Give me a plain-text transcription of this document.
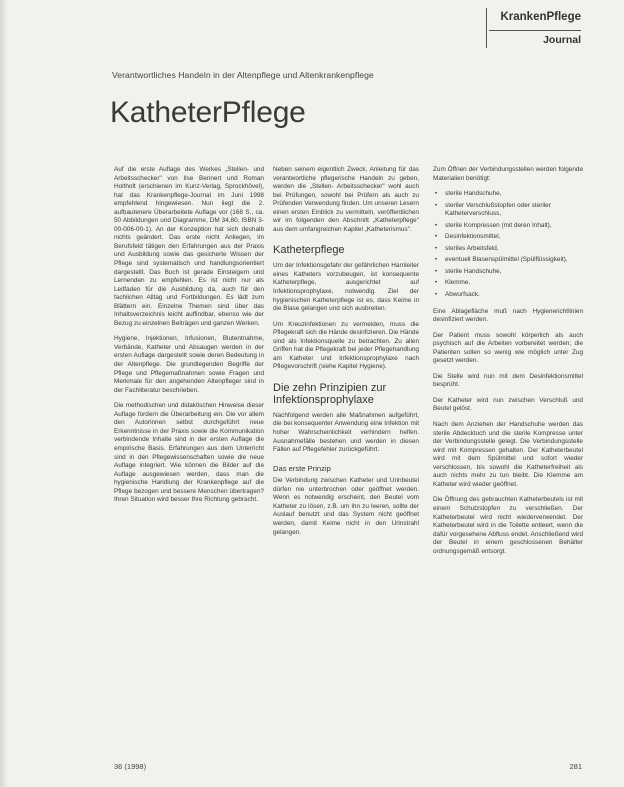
KrankenPflege
Journal
Verantwortliches Handeln in der Altenpflege und Altenkrankenpflege
KatheterPflege

Auf die erste Auflage des Werkes „Stellen- und Arbeitsschecker" von Ilse Bennert und Roman Holtholt (erschienen im Kunz-Verlag, Sprockhövel), hat das Krankenpflege-Journal im Juni 1998 empfehlend hingewiesen. Nun liegt die 2. aufbautenere Überarbeitete Auflage vor (168 S., ca. 50 Abbildungen und Diagramme, DM 34,80, ISBN 3-00-006-00-1). An der Konzeption hat sich deshalb nichts geändert. Das erste nicht Anliegen, im Berufsfeld tätigen den Erfahrungen aus der Praxis und Ausbildung sowie das gesicherte Wissen der Pflege sind systematisch und handlungsorientiert dargestellt. Das Buch ist gerade Einsteigern und Lernenden zu empfehlen. Es ist nicht nur als Leitfaden für die Ausbildung da, auch für den fachlichen Alltag und Fortbildungen. Es lädt zum Blättern ein. Einzelne Themen sind über das Inhaltsverzeichnis leicht auffindbar, ebenso wie der Bezug zu einzelnen Beiträgen und ganzen Werken.

Hygiene, Injektionen, Infusionen, Blutentnahme, Verbände, Katheter und Absaugen werden in der ersten Auflage dargestellt sowie deren Bedeutung in der Altenpflege. Die grundlegenden Begriffe der Pflege und Pflegemaßnahmen sowie Fragen und Merkmale für den angehenden Altenpfleger sind in der Fachliteratur beschrieben.

Die methodischen und didaktischen Hinweise dieser Auflage fordern die Überarbeitung ein. Die vor allem den Autorinnen selbst durchgeführt neue Erkenntnisse in der Praxis sowie die Kommunikation verbindende Inhalte sind in der ersten Auflage die empirische Basis. Erfahrungen aus dem Unterricht sind in den Pflegewissenschaften sowie die neue Auflage integriert. Wie können die Bilder auf die Auflage ausgewiesen werden, dass man die hygienische Handlung der Krankenpflege auf die Pflege bezogen und bessere Menschen übertragen? Ihren Situation wird besser Ihre Richtung gebracht.

Neben seinem eigentlich Zweck, Anleitung für das verantwortliche pflegerische Handeln zu geben, werden die „Stellen- Arbeitsschecker" wohl auch bei Prüfungen, sowohl bei Prüfern als auch zu Prüfenden Verwendung finden. Um unseren Lesern einen ersten Einblick zu vermitteln, veröffentlichen wir im folgenden den Abschnitt „Katheterpflege" aus dem umfangreichen Kapitel „Katheterismus".

Katheterpflege

Um der Infektionsgefahr der gefährlichen Harnleiter eines Katheters vorzubeugen, ist konsequente Katheterpflege, ausgerichtet auf Infektionsprophylaxe, notwendig. Ziel der hygienischen Katheterpflege ist es, dass Keime in die Blase gelangen und sich ausbreiten.

Um Kreuzinfektionen zu vermeiden, muss die Pflegekraft sich die Hände desinfizieren. Die Hände sind als Infektionsquelle zu betrachten. Zu allen Griffen hat die Pflegekraft bei jeder Pflegehandlung am Katheter und Infektionsprophylaxe nach Pflegevorschrift (siehe Kapitel Hygiene).

Die zehn Prinzipien zur Infektionsprophylaxe

Nachfolgend werden alle Maßnahmen aufgeführt, die bei konsequenter Anwendung eine Infektion mit hoher Wahrscheinlichkeit verhindern helfen. Ausnahmefälle bestehen und werden in diesen Fällen auf Pflegefehler zurückgeführt.

Das erste Prinzip

Die Verbindung zwischen Katheter und Urinbeutel dürfen nie unterbrochen oder geöffnet werden. Wenn es notwendig erscheint, den Beutel vom Katheter zu lösen, z.B. um ihn zu leeren, sollte der Auslauf benutzt und das System nicht geöffnet werden, damit Keime nicht in den Urinstrahl gelangen.

Zum Öffnen der Verbindungsstellen werden folgende Materialien benötigt:

• sterile Handschuhe,
• steriler Verschlußstopfen oder steriler Katheterverschluss,
• sterile Kompressen (mit deren Inhalt),
• Desinfektionsmittel,
• steriles Arbeitsfeld,
• eventuell Blasenspülmittel (Spülflüssigkeit),
• sterile Handschuhe,
• Klemme,
• Abwurfsack.

Eine Ablagefläche muß nach Hygienerichtlinien desinfiziert werden.

Der Patient muss sowohl körperlich als auch psychisch auf die Arbeiten vorbereitet werden; die Patienten sollen so wenig wie möglich unter Zug gesetzt werden.

Die Stelle wird nun mit dem Desinfektionsmittel besprüht.

Der Katheter wird nun zwischen Verschluß und Beutel gelöst.

Nach dem Anziehen der Handschuhe werden das sterile Abdecktuch und die sterile Kompresse unter der Verbindungsstelle gelegt. Die Verbindungsstelle wird mit Kompressen gehalten. Der Katheterbeutel wird mit dem Spülmittel und sofort wieder verschlossen, bis sowohl die Katheterfreiheit als auch nichts mehr zu tun bleibt. Die Klemme am Katheter wird wieder geöffnet.

Die Öffnung des gebrauchten Katheterbeutels ist mit einem Schutzstopfen zu verschließen. Der Katheterbeutel wird nicht wiederverwendet. Der Katheterbeutel wird in die Toilette entleert, wenn die dafür vorgesehene Abfluss endet. Anschließend wird der Beutel in einem geschlossenen Behälter ordnungsgemäß entsorgt.

36 (1998)	281
